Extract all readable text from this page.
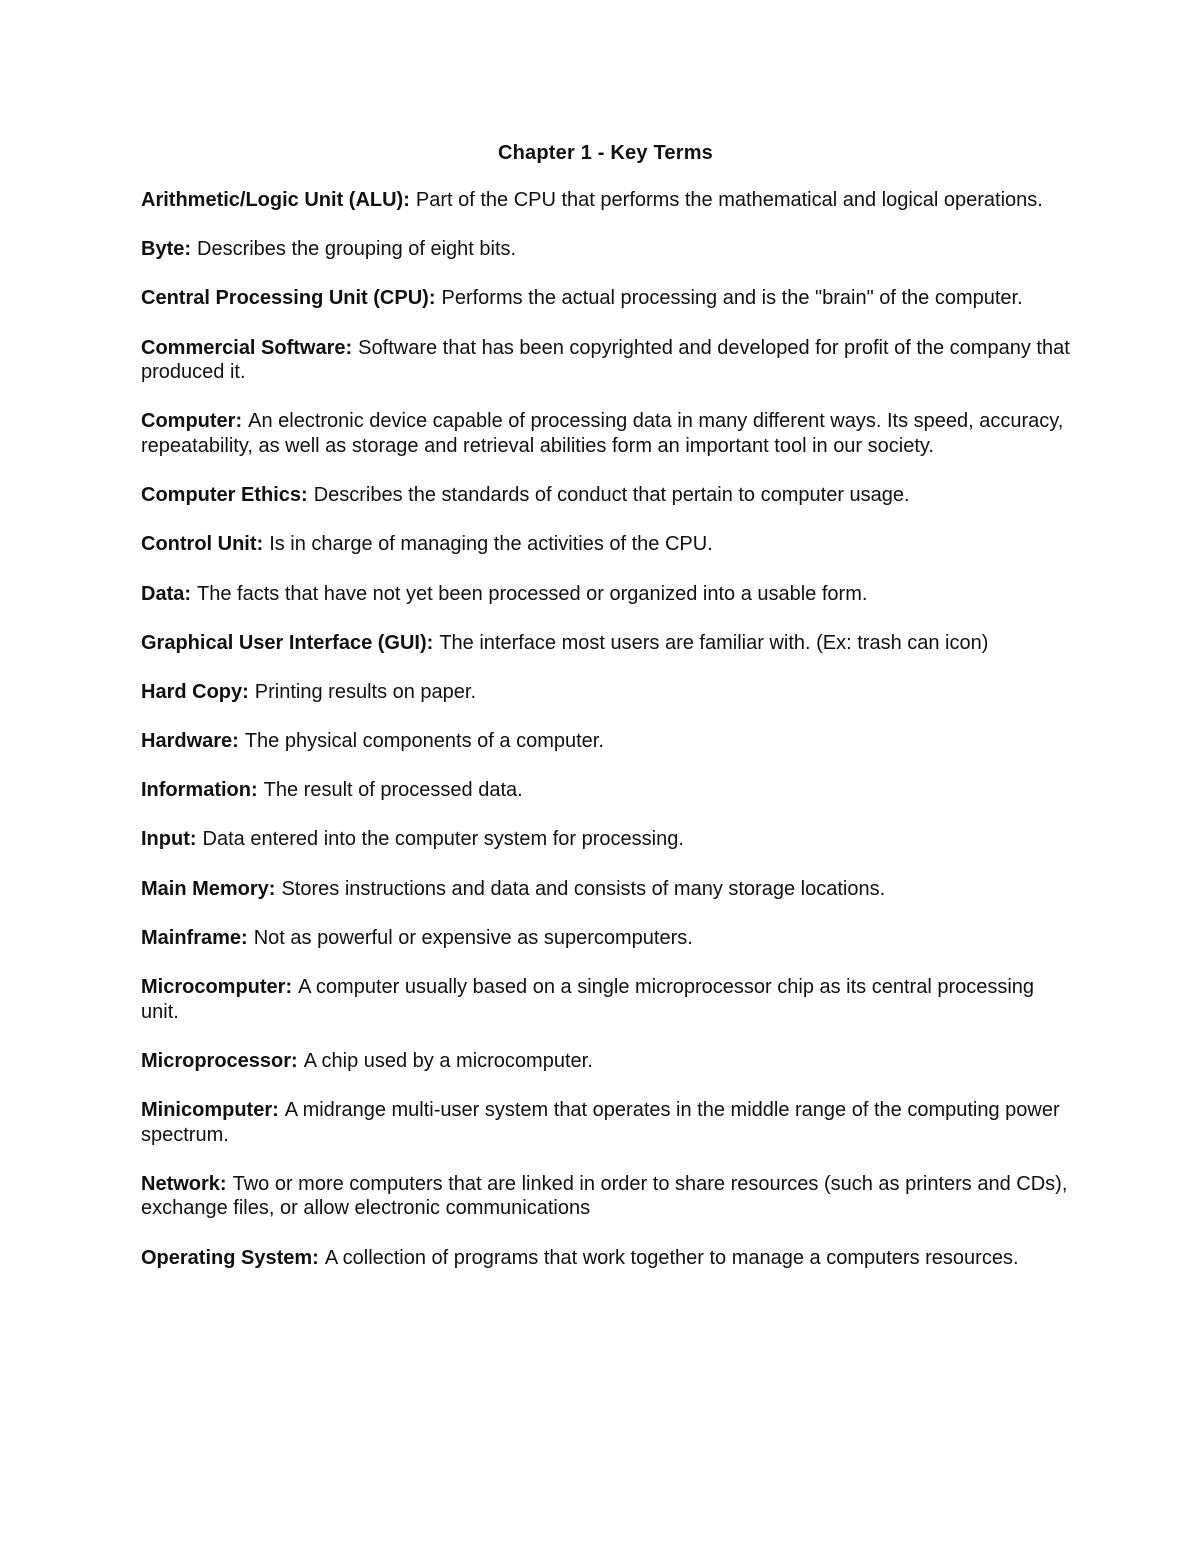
Chapter 1 - Key Terms
Arithmetic/Logic Unit (ALU): Part of the CPU that performs the mathematical and logical operations.
Byte: Describes the grouping of eight bits.
Central Processing Unit (CPU): Performs the actual processing and is the "brain" of the computer.
Commercial Software: Software that has been copyrighted and developed for profit of the company that produced it.
Computer: An electronic device capable of processing data in many different ways. Its speed, accuracy, repeatability, as well as storage and retrieval abilities form an important tool in our society.
Computer Ethics: Describes the standards of conduct that pertain to computer usage.
Control Unit: Is in charge of managing the activities of the CPU.
Data: The facts that have not yet been processed or organized into a usable form.
Graphical User Interface (GUI): The interface most users are familiar with. (Ex: trash can icon)
Hard Copy: Printing results on paper.
Hardware: The physical components of a computer.
Information: The result of processed data.
Input: Data entered into the computer system for processing.
Main Memory: Stores instructions and data and consists of many storage locations.
Mainframe: Not as powerful or expensive as supercomputers.
Microcomputer: A computer usually based on a single microprocessor chip as its central processing unit.
Microprocessor: A chip used by a microcomputer.
Minicomputer: A midrange multi-user system that operates in the middle range of the computing power spectrum.
Network: Two or more computers that are linked in order to share resources (such as printers and CDs), exchange files, or allow electronic communications
Operating System: A collection of programs that work together to manage a computers resources.
